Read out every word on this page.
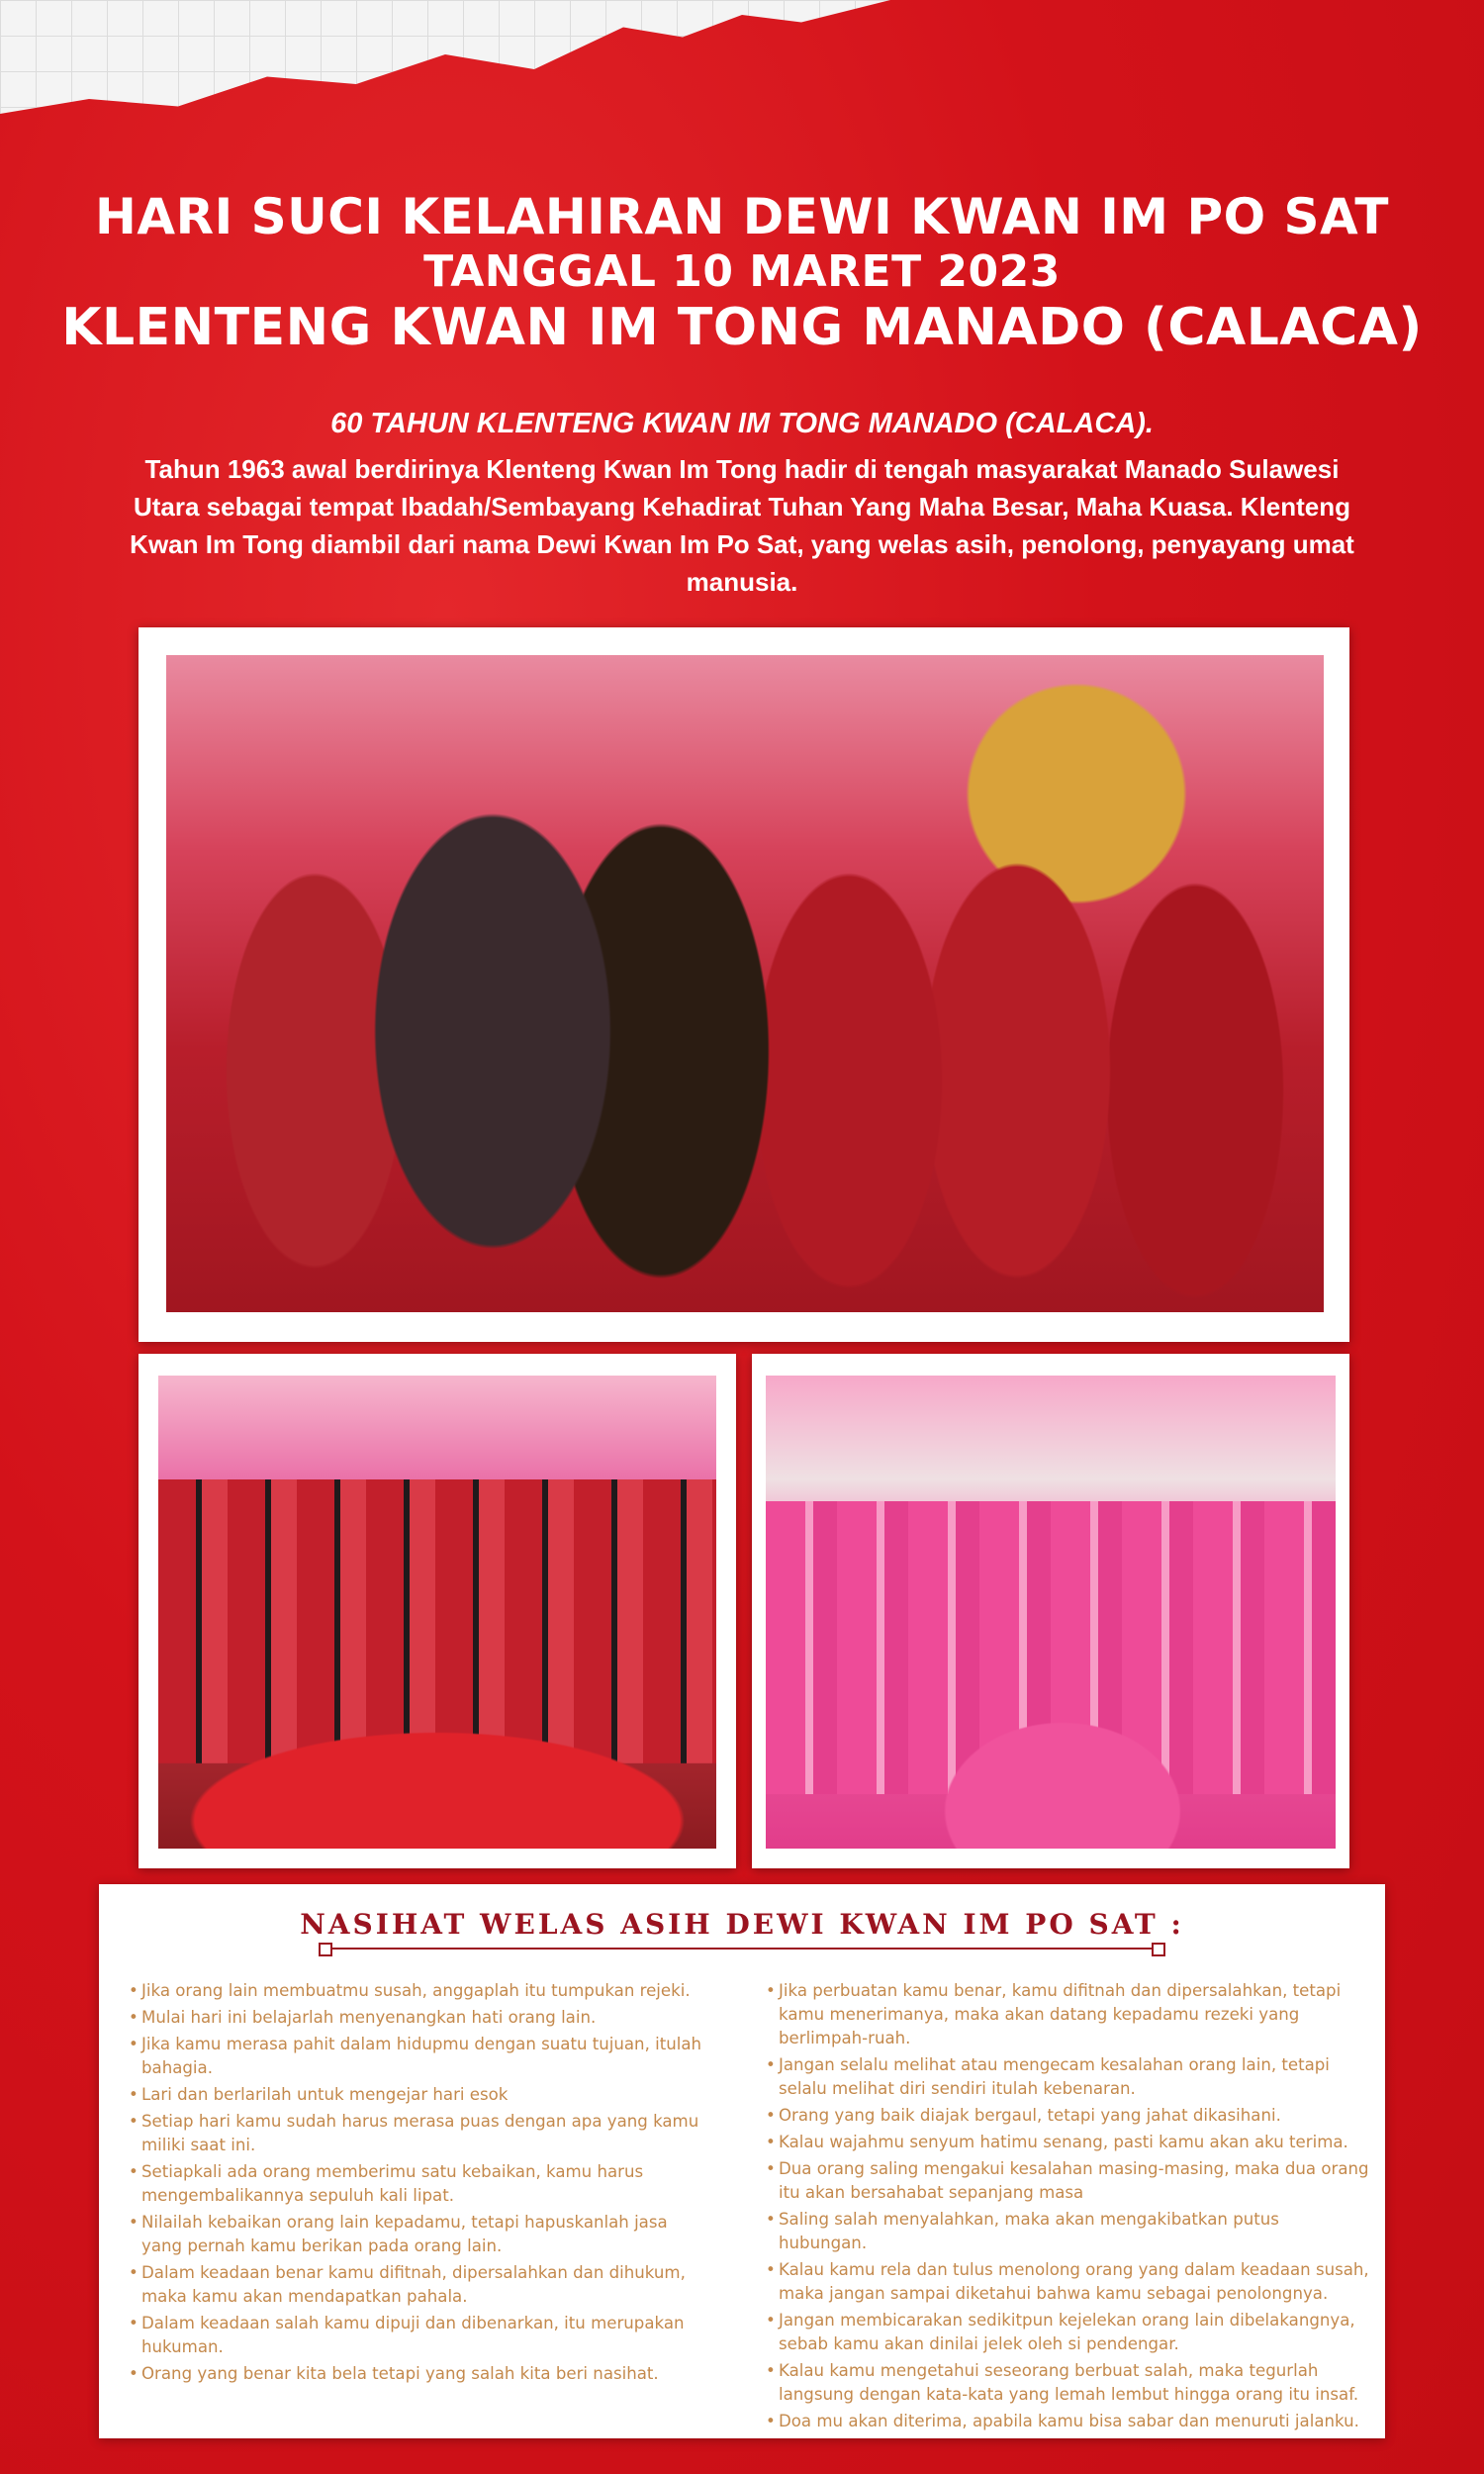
HARI SUCI KELAHIRAN DEWI KWAN IM PO SAT

TANGGAL 10 MARET 2023

KLENTENG KWAN IM TONG MANADO (CALACA)

60 TAHUN KLENTENG KWAN IM TONG MANADO (CALACA).

Tahun 1963 awal berdirinya Klenteng Kwan Im Tong hadir di tengah masyarakat Manado Sulawesi Utara sebagai tempat Ibadah/Sembayang Kehadirat Tuhan Yang Maha Besar, Maha Kuasa. Klenteng Kwan Im Tong diambil dari nama Dewi Kwan Im Po Sat, yang welas asih, penolong, penyayang umat manusia.

NASIHAT WELAS ASIH DEWI KWAN IM PO SAT :

• Jika orang lain membuatmu susah, anggaplah itu tumpukan rejeki.
• Mulai hari ini belajarlah menyenangkan hati orang lain.
• Jika kamu merasa pahit dalam hidupmu dengan suatu tujuan, itulah bahagia.
• Lari dan berlarilah untuk mengejar hari esok
• Setiap hari kamu sudah harus merasa puas dengan apa yang kamu miliki saat ini.
• Setiapkali ada orang memberimu satu kebaikan, kamu harus mengembalikannya sepuluh kali lipat.
• Nilailah kebaikan orang lain kepadamu, tetapi hapuskanlah jasa yang pernah kamu berikan pada orang lain.
• Dalam keadaan benar kamu difitnah, dipersalahkan dan dihukum, maka kamu akan mendapatkan pahala.
• Dalam keadaan salah kamu dipuji dan dibenarkan, itu merupakan hukuman.
• Orang yang benar kita bela tetapi yang salah kita beri nasihat.
• Jika perbuatan kamu benar, kamu difitnah dan dipersalahkan, tetapi kamu menerimanya, maka akan datang kepadamu rezeki yang berlimpah-ruah.
• Jangan selalu melihat atau mengecam kesalahan orang lain, tetapi selalu melihat diri sendiri itulah kebenaran.
• Orang yang baik diajak bergaul, tetapi yang jahat dikasihani.
• Kalau wajahmu senyum hatimu senang, pasti kamu akan aku terima.
• Dua orang saling mengakui kesalahan masing-masing, maka dua orang itu akan bersahabat sepanjang masa
• Saling salah menyalahkan, maka akan mengakibatkan putus hubungan.
• Kalau kamu rela dan tulus menolong orang yang dalam keadaan susah, maka jangan sampai diketahui bahwa kamu sebagai penolongnya.
• Jangan membicarakan sedikitpun kejelekan orang lain dibelakangnya, sebab kamu akan dinilai jelek oleh si pendengar.
• Kalau kamu mengetahui seseorang berbuat salah, maka tegurlah langsung dengan kata-kata yang lemah lembut hingga orang itu insaf.
• Doa mu akan diterima, apabila kamu bisa sabar dan menuruti jalanku.
